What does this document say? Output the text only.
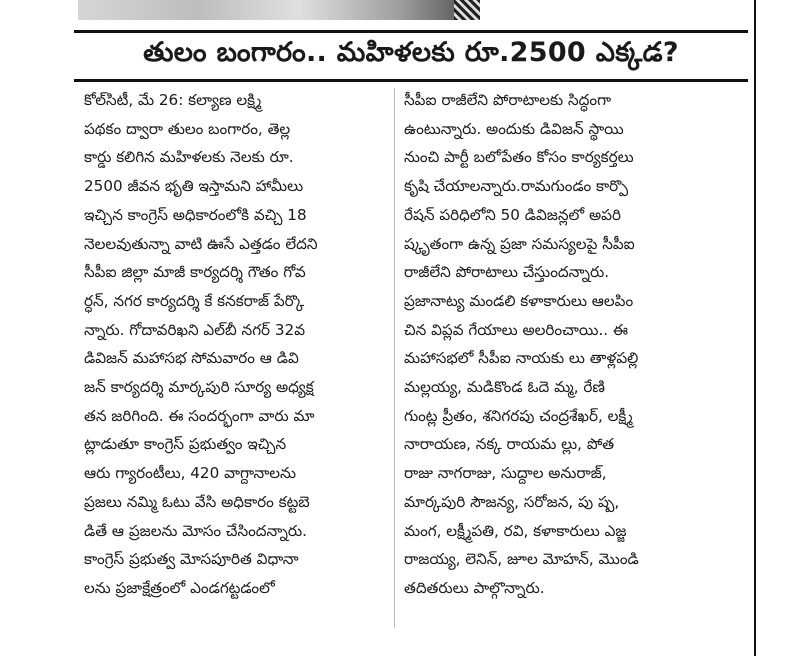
తులం బంగారం.. మహిళలకు రూ.2500 ఎక్కడ?
కోల్‌సిటీ, మే 26: కల్యాణ లక్ష్మి
పథకం ద్వారా తులం బంగారం, తెల్ల
కార్డు కలిగిన మహిళలకు నెలకు రూ.
2500 జీవన భృతి ఇస్తామని హామీలు
ఇచ్చిన కాంగ్రెస్ అధికారంలోకి వచ్చి 18
నెలలవుతున్నా వాటి ఊసే ఎత్తడం లేదని
సీపీఐ జిల్లా మాజీ కార్యదర్శి గౌతం గోవ
ర్ధన్, నగర కార్యదర్శి కే కనకరాజ్ పేర్కొ
న్నారు. గోదావరిఖని ఎల్‌బీ నగర్ 32వ
డివిజన్ మహాసభ సోమవారం ఆ డివి
జన్ కార్యదర్శి మార్కపురి సూర్య అధ్యక్ష
తన జరిగింది. ఈ సందర్భంగా వారు మా
ట్లాడుతూ కాంగ్రెస్ ప్రభుత్వం ఇచ్చిన
ఆరు గ్యారంటీలు, 420 వాగ్దానాలను
ప్రజలు నమ్మి ఓటు వేసి అధికారం కట్టబె
డితే ఆ ప్రజలను మోసం చేసిందన్నారు.
కాంగ్రెస్ ప్రభుత్వ మోసపూరిత విధానా
లను ప్రజాక్షేత్రంలో ఎండగట్టడంలో
సీపీఐ రాజీలేని పోరాటాలకు సిద్ధంగా
ఉంటున్నారు. అందుకు డివిజన్ స్థాయి
నుంచి పార్టీ బలోపేతం కోసం కార్యకర్తలు
కృషి చేయాలన్నారు.రామగుండం కార్పొ
రేషన్ పరిధిలోని 50 డివిజన్లలో అపరి
ష్కృతంగా ఉన్న ప్రజా సమస్యలపై సీపీఐ
రాజీలేని పోరాటాలు చేస్తుందన్నారు.
ప్రజానాట్య మండలి కళాకారులు ఆలపిం
చిన విప్లవ గేయాలు అలరించాయి.. ఈ
మహాసభలో సీపీఐ నాయకు లు తాళ్లపల్లి
మల్లయ్య, మడికొండ ఓదె మ్మ, రేణి
గుంట్ల ప్రీతం, శనిగరపు చంద్రశేఖర్, లక్ష్మీ
నారాయణ, నక్క రాయమ ల్లు, పోత
రాజు నాగరాజు, సుద్దాల అనురాజ్,
మార్కపురి సౌజన్య, సరోజన, పు ష్ప,
మంగ, లక్ష్మీపతి, రవి, కళాకారులు ఎజ్జ
రాజయ్య, లెనిన్, జూల మోహన్, మొండి
తదితరులు పాల్గొన్నారు.
